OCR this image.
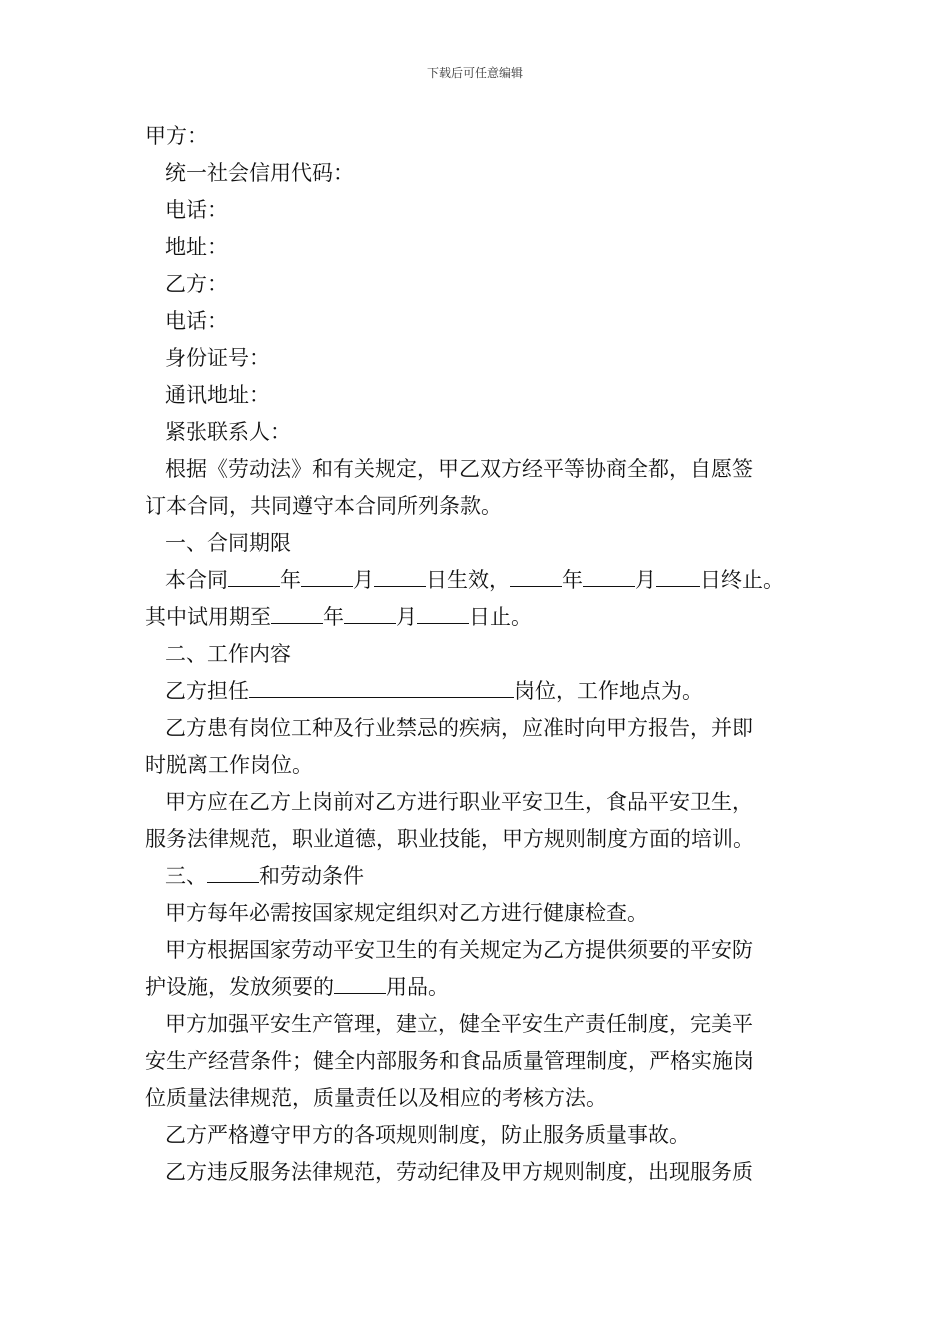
下载后可任意编辑
甲方：
统一社会信用代码：
电话：
地址：
乙方：
电话：
身份证号：
通讯地址：
紧张联系人：
根据《劳动法》和有关规定，甲乙双方经平等协商全都，自愿签
订本合同，共同遵守本合同所列条款。
一、合同期限
本合同 年 月 日生效， 年 月 日终止。
其中试用期至 年 月 日止。
二、工作内容
乙方担任	岗位，工作地点为。
乙方患有岗位工种及行业禁忌的疾病，应准时向甲方报告，并即
时脱离工作岗位。
甲方应在乙方上岗前对乙方进行职业平安卫生，食品平安卫生，
服务法律规范，职业道德，职业技能，甲方规则制度方面的培训。
三、 和劳动条件
甲方每年必需按国家规定组织对乙方进行健康检查。
甲方根据国家劳动平安卫生的有关规定为乙方提供须要的平安防
护设施，发放须要的 用品。
甲方加强平安生产管理，建立，健全平安生产责任制度，完美平
安生产经营条件；健全内部服务和食品质量管理制度，严格实施岗
位质量法律规范，质量责任以及相应的考核方法。
乙方严格遵守甲方的各项规则制度，防止服务质量事故。
乙方违反服务法律规范，劳动纪律及甲方规则制度，出现服务质
